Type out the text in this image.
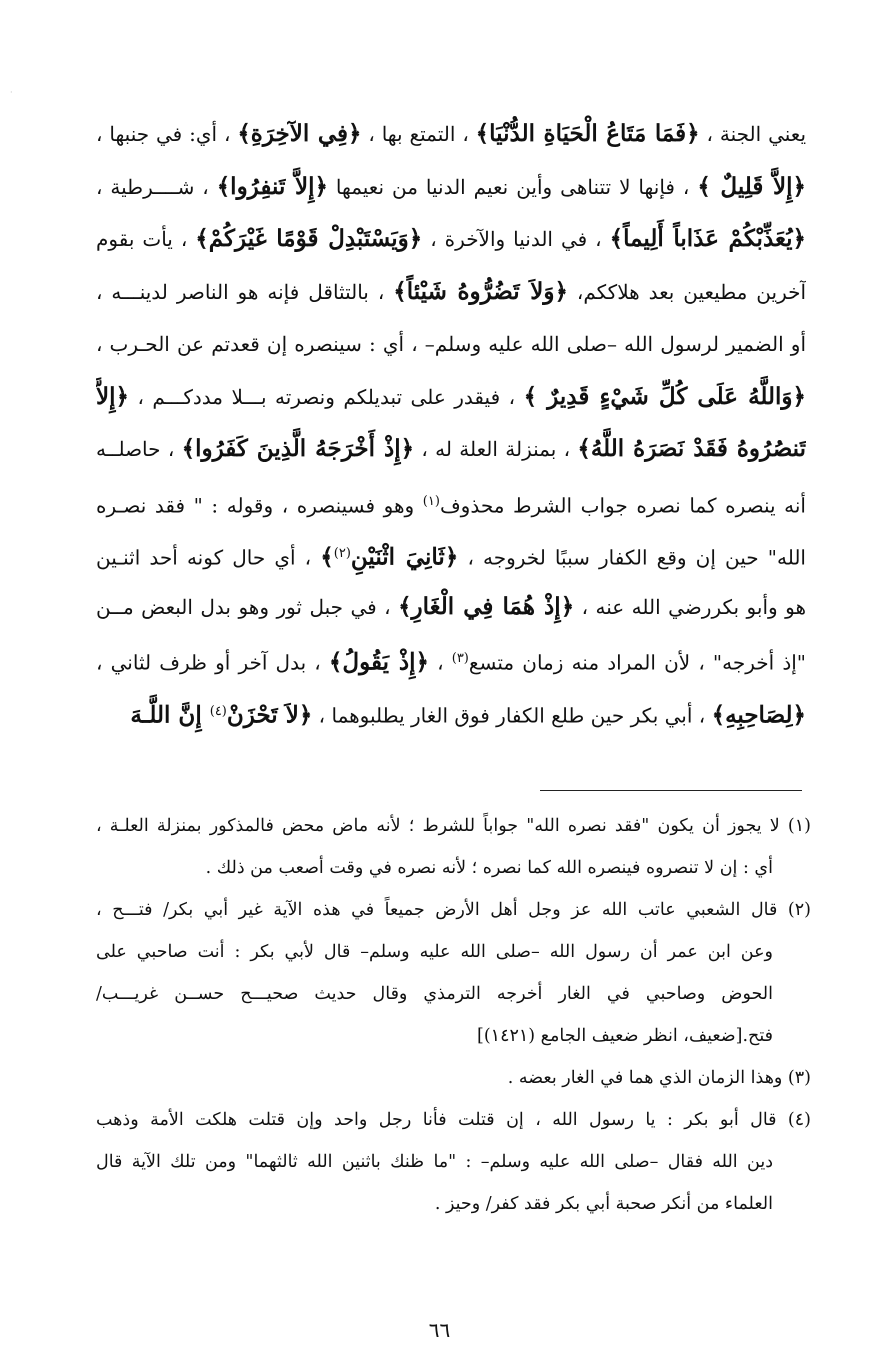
يعني الجنة ، ﴿فَمَا مَتَاعُ الْحَيَاةِ الدُّنْيَا﴾ ، التمتع بها ، ﴿فِي الآخِرَةِ﴾ ، أي: في جنبها ،
﴿إِلاَّ قَلِيلٌ ﴾ ، فإنها لا تتناهى وأين نعيم الدنيا من نعيمها ﴿إِلاَّ تَنفِرُوا﴾ ، شــــرطية ،
﴿يُعَذِّبْكُمْ عَذَاباً أَلِيماً﴾ ، في الدنيا والآخرة ، ﴿وَيَسْتَبْدِلْ قَوْمًا غَيْرَكُمْ﴾ ، يأت بقوم
آخرين مطيعين بعد هلاككم، ﴿وَلاَ تَضُرُّوهُ شَيْئاً﴾ ، بالتثاقل فإنه هو الناصر لدينـــه ،
أو الضمير لرسول الله –صلى الله عليه وسلم– ، أي : سينصره إن قعدتم عن الحـرب ،
﴿وَاللَّهُ عَلَى كُلِّ شَيْءٍ قَدِيرٌ ﴾ ، فيقدر على تبديلكم ونصرته بـــلا مددكـــم ، ﴿إِلاَّ
تَنصُرُوهُ فَقَدْ نَصَرَهُ اللَّهُ﴾ ، بمنزلة العلة له ، ﴿إِذْ أَخْرَجَهُ الَّذِينَ كَفَرُوا﴾ ، حاصلــه
أنه ينصره كما نصره جواب الشرط محذوف$^{(١)}$ وهو فسينصره ، وقوله : " فقد نصـره
الله" حين إن وقع الكفار سببًا لخروجه ، ﴿ثَانِيَ اثْنَيْنِ$^{(٢)}$﴾ ، أي حال كونه أحد اثنـين
هو وأبو بكررضي الله عنه ، ﴿إِذْ هُمَا فِي الْغَارِ﴾ ، في جبل ثور وهو بدل البعض مــن
"إذ أخرجه" ، لأن المراد منه زمان متسع$^{(٣)}$ ، ﴿إِذْ يَقُولُ﴾ ، بدل آخر أو ظرف لثاني ،
﴿لِصَاحِبِهِ﴾ ، أبي بكر حين طلع الكفار فوق الغار يطلبوهما ، ﴿لاَ تَحْزَنْ$^{(٤)}$ إِنَّ اللَّـهَ
(١) لا يجوز أن يكون "فقد نصره الله" جواباً للشرط ؛ لأنه ماض محض فالمذكور بمنزلة العلـة ،
أي : إن لا تنصروه فينصره الله كما نصره ؛ لأنه نصره في وقت أصعب من ذلك .
(٢) قال الشعبي عاتب الله عز وجل أهل الأرض جميعاً في هذه الآية غير أبي بكر/ فتـــح ،
وعن ابن عمر أن رسول الله –صلى الله عليه وسلم– قال لأبي بكر : أنت صاحبي على
الحوض وصاحبي في الغار أخرجه الترمذي وقال حديث صحيـــح حســن غريـــب/
فتح.[ضعيف، انظر ضعيف الجامع (١٤٢١)]
(٣) وهذا الزمان الذي هما في الغار بعضه .
(٤) قال أبو بكر : يا رسول الله ، إن قتلت فأنا رجل واحد وإن قتلت هلكت الأمة وذهب
دين الله فقال –صلى الله عليه وسلم– : "ما ظنك باثنين الله ثالثهما" ومن تلك الآية قال
العلماء من أنكر صحبة أبي بكر فقد كفر/ وحيز .
٦٦
·
